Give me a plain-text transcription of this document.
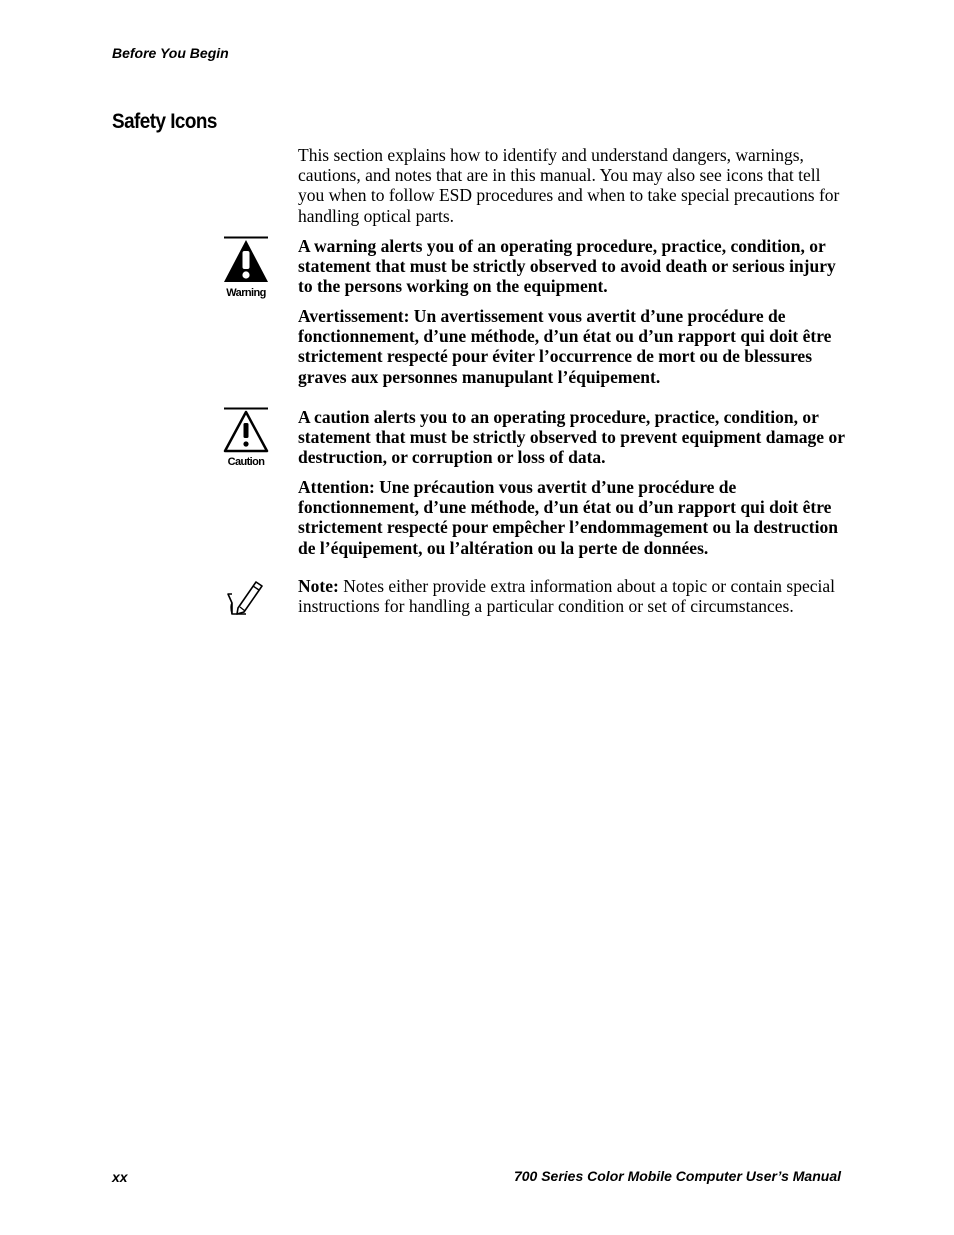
Before You Begin
Safety Icons

This section explains how to identify and understand dangers, warnings, cautions, and notes that are in this manual. You may also see icons that tell you when to follow ESD procedures and when to take special precautions for handling optical parts.

Warning

A warning alerts you of an operating procedure, practice, condition, or statement that must be strictly observed to avoid death or serious injury to the persons working on the equipment.

Avertissement: Un avertissement vous avertit d’une procédure de fonctionnement, d’une méthode, d’un état ou d’un rapport qui doit être strictement respecté pour éviter l’occurrence de mort ou de blessures graves aux personnes manupulant l’équipement.

Caution

A caution alerts you to an operating procedure, practice, condition, or statement that must be strictly observed to prevent equipment damage or destruction, or corruption or loss of data.

Attention: Une précaution vous avertit d’une procédure de fonctionnement, d’une méthode, d’un état ou d’un rapport qui doit être strictement respecté pour empêcher l’endommagement ou la destruction de l’équipement, ou l’altération ou la perte de données.

Note: Notes either provide extra information about a topic or contain special instructions for handling a particular condition or set of circumstances.

xx	700 Series Color Mobile Computer User’s Manual
